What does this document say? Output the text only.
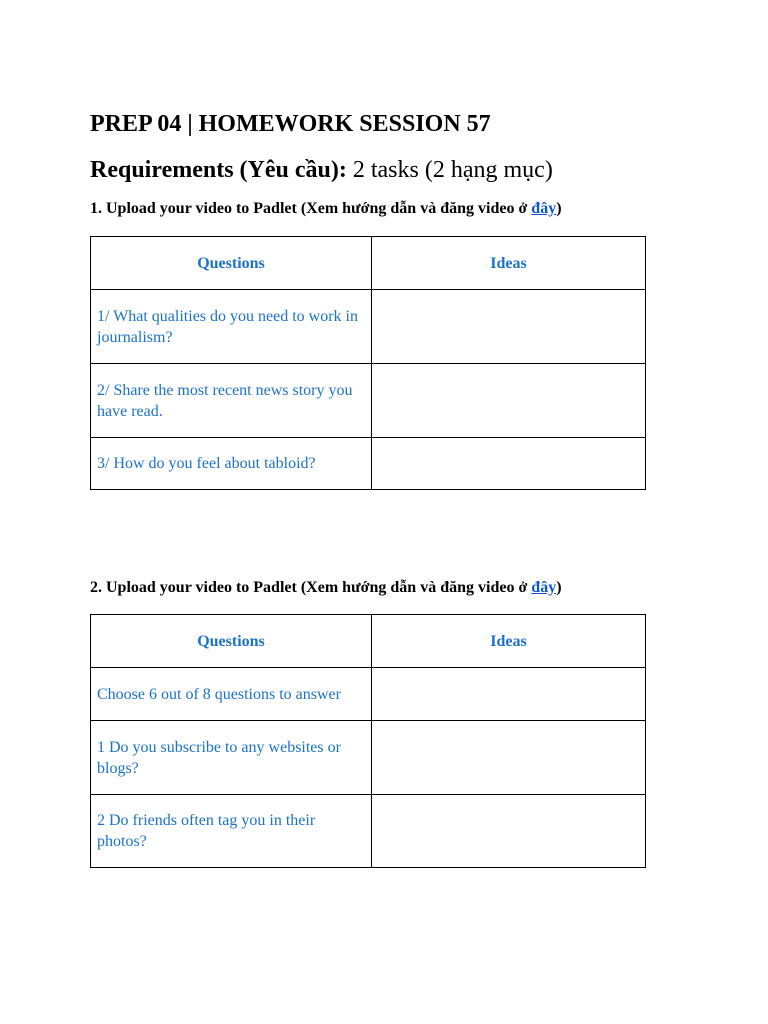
PREP 04 | HOMEWORK SESSION 57
Requirements (Yêu cầu): 2 tasks (2 hạng mục)
1. Upload your video to Padlet (Xem hướng dẫn và đăng video ở đây)
Questions	Ideas
1/ What qualities do you need to work in journalism?	
2/ Share the most recent news story you have read.	
3/ How do you feel about tabloid?	
2. Upload your video to Padlet (Xem hướng dẫn và đăng video ở đây)
Questions	Ideas
Choose 6 out of 8 questions to answer	
1 Do you subscribe to any websites or blogs?	
2 Do friends often tag you in their photos?	
